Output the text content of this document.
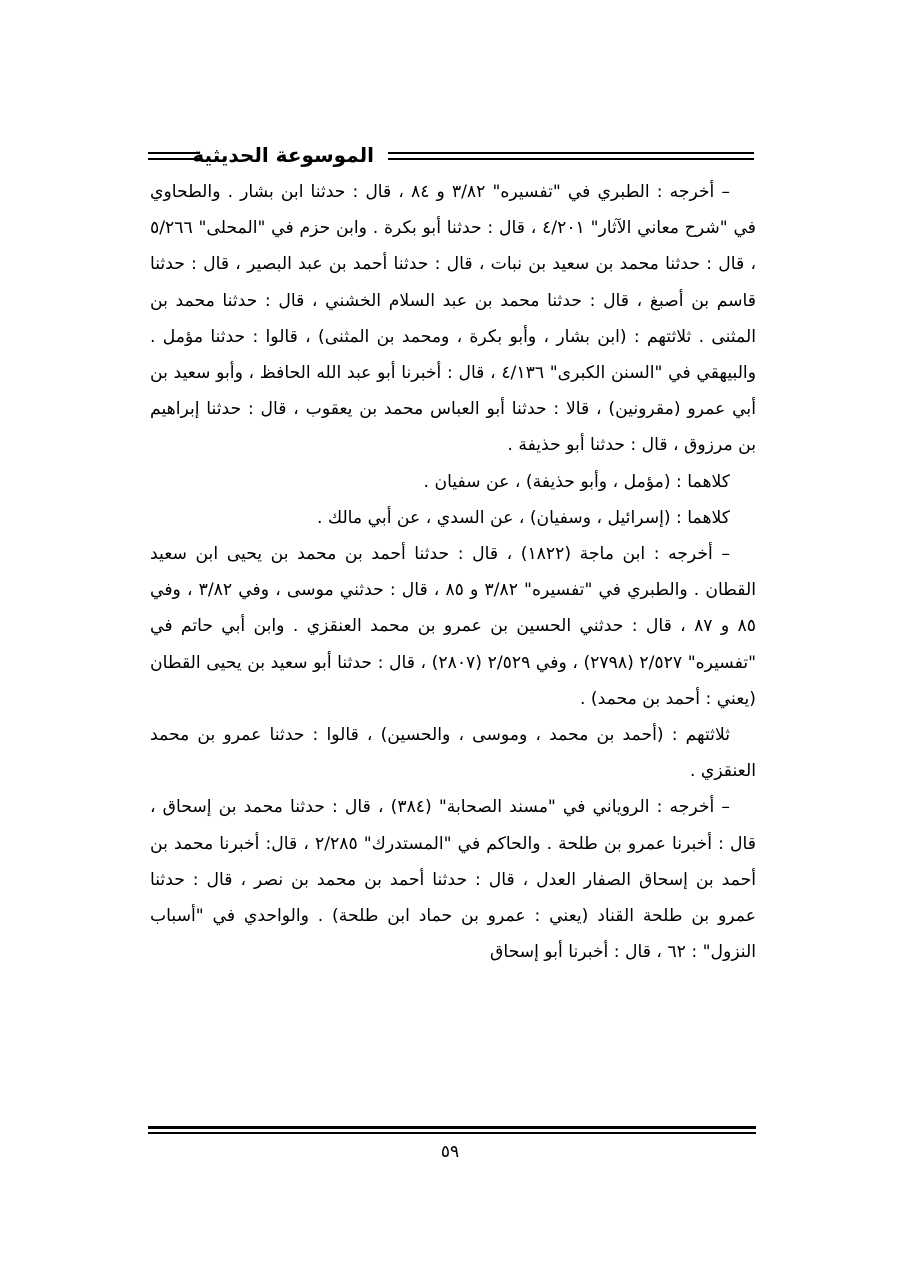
الموسوعة الحديثية

– أخرجه : الطبري في "تفسيره" ٣/٨٢ و ٨٤ ، قال : حدثنا ابن بشار . والطحاوي في "شرح معاني الآثار" ٤/٢٠١ ، قال : حدثنا أبو بكرة . وابن حزم في "المحلى" ٥/٢٦٦ ، قال : حدثنا محمد بن سعيد بن نبات ، قال : حدثنا أحمد بن عبد البصير ، قال : حدثنا قاسم بن أصبغ ، قال : حدثنا محمد بن عبد السلام الخشني ، قال : حدثنا محمد بن المثنى . ثلاثتهم : (ابن بشار ، وأبو بكرة ، ومحمد بن المثنى) ، قالوا : حدثنا مؤمل . والبيهقي في "السنن الكبرى" ٤/١٣٦ ، قال : أخبرنا أبو عبد الله الحافظ ، وأبو سعيد بن أبي عمرو (مقرونين) ، قالا : حدثنا أبو العباس محمد بن يعقوب ، قال : حدثنا إبراهيم بن مرزوق ، قال : حدثنا أبو حذيفة .

كلاهما : (مؤمل ، وأبو حذيفة) ، عن سفيان .

كلاهما : (إسرائيل ، وسفيان) ، عن السدي ، عن أبي مالك .

– أخرجه : ابن ماجة (١٨٢٢) ، قال : حدثنا أحمد بن محمد بن يحيى ابن سعيد القطان . والطبري في "تفسيره" ٣/٨٢ و ٨٥ ، قال : حدثني موسى ، وفي ٣/٨٢ ، وفي ٨٥ و ٨٧ ، قال : حدثني الحسين بن عمرو بن محمد العنقزي . وابن أبي حاتم في "تفسيره" ٢/٥٢٧ (٢٧٩٨) ، وفي ٢/٥٢٩ (٢٨٠٧) ، قال : حدثنا أبو سعيد بن يحيى القطان (يعني : أحمد بن محمد) .

ثلاثتهم : (أحمد بن محمد ، وموسى ، والحسين) ، قالوا : حدثنا عمرو بن محمد العنقزي .

– أخرجه : الروياني في "مسند الصحابة" (٣٨٤) ، قال : حدثنا محمد بن إسحاق ، قال : أخبرنا عمرو بن طلحة . والحاكم في "المستدرك" ٢/٢٨٥ ، قال: أخبرنا محمد بن أحمد بن إسحاق الصفار العدل ، قال : حدثنا أحمد بن محمد بن نصر ، قال : حدثنا عمرو بن طلحة القناد (يعني : عمرو بن حماد ابن طلحة) . والواحدي في "أسباب النزول" : ٦٢ ، قال : أخبرنا أبو إسحاق

٥٩
